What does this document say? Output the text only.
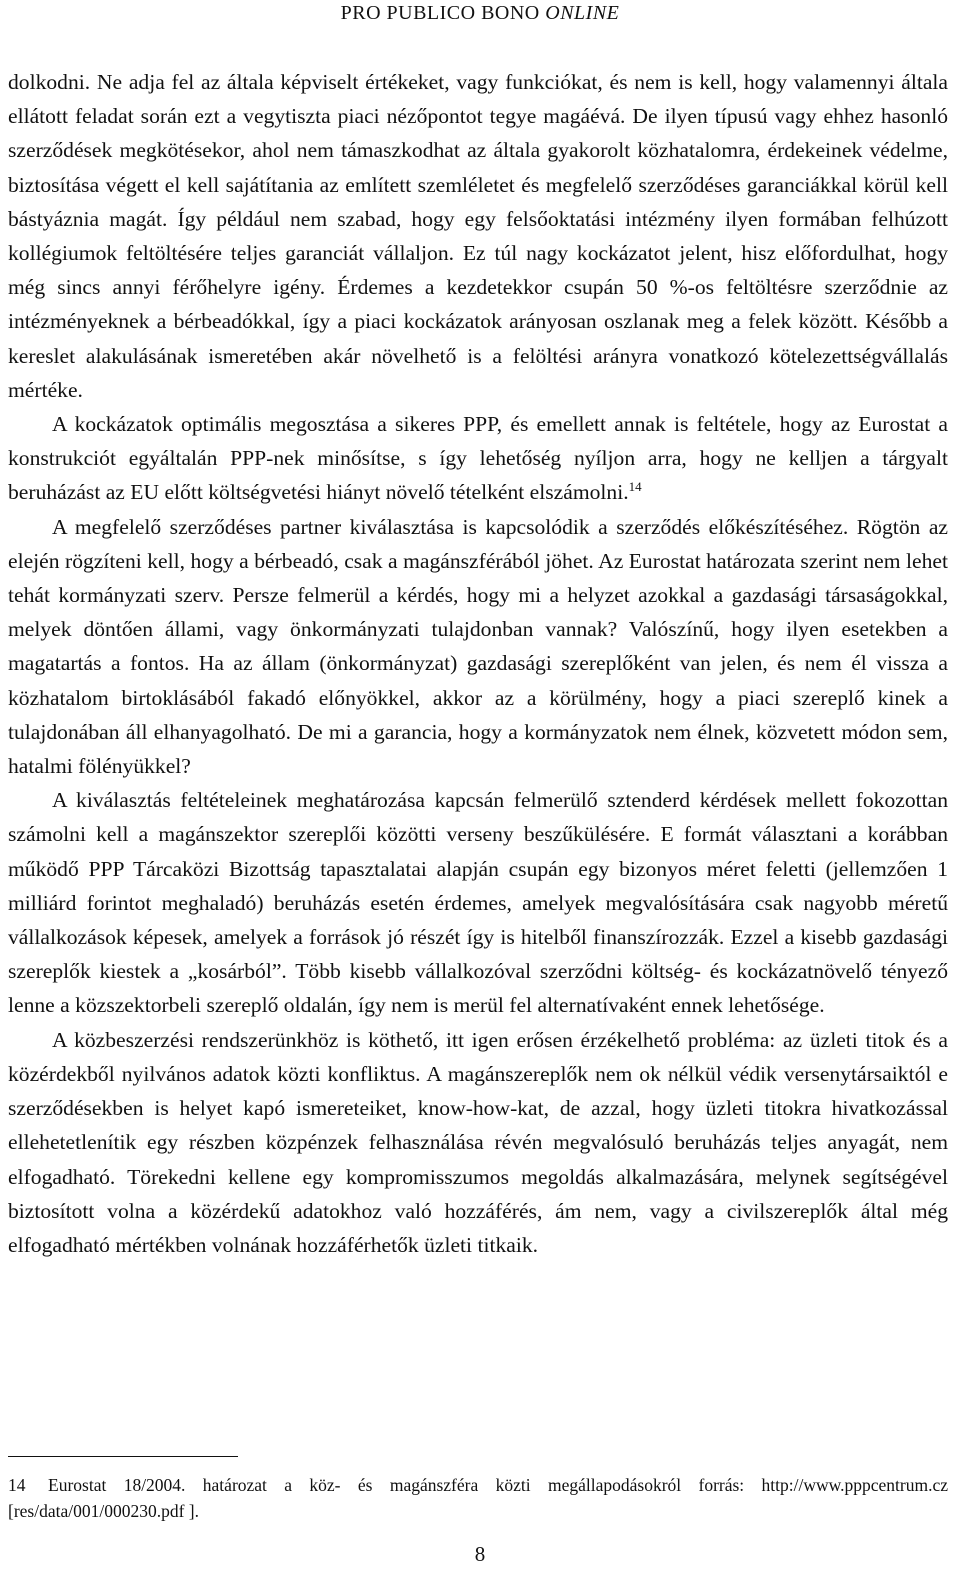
PRO PUBLICO BONO ONLINE

dolkodni. Ne adja fel az általa képviselt értékeket, vagy funkciókat, és nem is kell, hogy valamennyi általa ellátott feladat során ezt a vegytiszta piaci nézőpontot tegye magáévá. De ilyen típusú vagy ehhez hasonló szerződések megkötésekor, ahol nem támaszkodhat az általa gyakorolt közhatalomra, érdekeinek védelme, biztosítása végett el kell sajátítania az említett szemléletet és megfelelő szerződéses garanciákkal körül kell bástyáznia magát. Így például nem szabad, hogy egy felsőoktatási intézmény ilyen formában felhúzott kollégiumok feltöltésére teljes garanciát vállaljon. Ez túl nagy kockázatot jelent, hisz előfordulhat, hogy még sincs annyi férőhelyre igény. Érdemes a kezdetekkor csupán 50 %-os feltöltésre szerződnie az intézményeknek a bérbeadókkal, így a piaci kockázatok arányosan oszlanak meg a felek között. Később a kereslet alakulásának ismeretében akár növelhető is a felöltési arányra vonatkozó kötelezettségvállalás mértéke.

A kockázatok optimális megosztása a sikeres PPP, és emellett annak is feltétele, hogy az Eurostat a konstrukciót egyáltalán PPP-nek minősítse, s így lehetőség nyíljon arra, hogy ne kelljen a tárgyalt beruházást az EU előtt költségvetési hiányt növelő tételként elszámolni.$^{14}$

A megfelelő szerződéses partner kiválasztása is kapcsolódik a szerződés előkészítéséhez. Rögtön az elején rögzíteni kell, hogy a bérbeadó, csak a magánszférából jöhet. Az Eurostat határozata szerint nem lehet tehát kormányzati szerv. Persze felmerül a kérdés, hogy mi a helyzet azokkal a gazdasági társaságokkal, melyek döntően állami, vagy önkormányzati tulajdonban vannak? Valószínű, hogy ilyen esetekben a magatartás a fontos. Ha az állam (önkormányzat) gazdasági szereplőként van jelen, és nem él vissza a közhatalom birtoklásából fakadó előnyökkel, akkor az a körülmény, hogy a piaci szereplő kinek a tulajdonában áll elhanyagolható. De mi a garancia, hogy a kormányzatok nem élnek, közvetett módon sem, hatalmi fölényükkel?

A kiválasztás feltételeinek meghatározása kapcsán felmerülő sztenderd kérdések mellett fokozottan számolni kell a magánszektor szereplői közötti verseny beszűkülésére. E formát választani a korábban működő PPP Tárcaközi Bizottság tapasztalatai alapján csupán egy bizonyos méret feletti (jellemzően 1 milliárd forintot meghaladó) beruházás esetén érdemes, amelyek megvalósítására csak nagyobb méretű vállalkozások képesek, amelyek a források jó részét így is hitelből finanszírozzák. Ezzel a kisebb gazdasági szereplők kiestek a „kosárból”. Több kisebb vállalkozóval szerződni költség- és kockázatnövelő tényező lenne a közszektorbeli szereplő oldalán, így nem is merül fel alternatívaként ennek lehetősége.

A közbeszerzési rendszerünkhöz is köthető, itt igen erősen érzékelhető probléma: az üzleti titok és a közérdekből nyilvános adatok közti konfliktus. A magánszereplők nem ok nélkül védik versenytársaiktól e szerződésekben is helyet kapó ismereteiket, know-how-kat, de azzal, hogy üzleti titokra hivatkozással ellehetetlenítik egy részben közpénzek felhasználása révén megvalósuló beruházás teljes anyagát, nem elfogadható. Törekedni kellene egy kompromisszumos megoldás alkalmazására, melynek segítségével biztosított volna a közérdekű adatokhoz való hozzáférés, ám nem, vagy a civilszereplők által még elfogadható mértékben volnának hozzáférhetők üzleti titkaik.

14 Eurostat 18/2004. határozat a köz- és magánszféra közti megállapodásokról forrás: http://www.pppcentrum.cz [res/data/001/000230.pdf ].
8
